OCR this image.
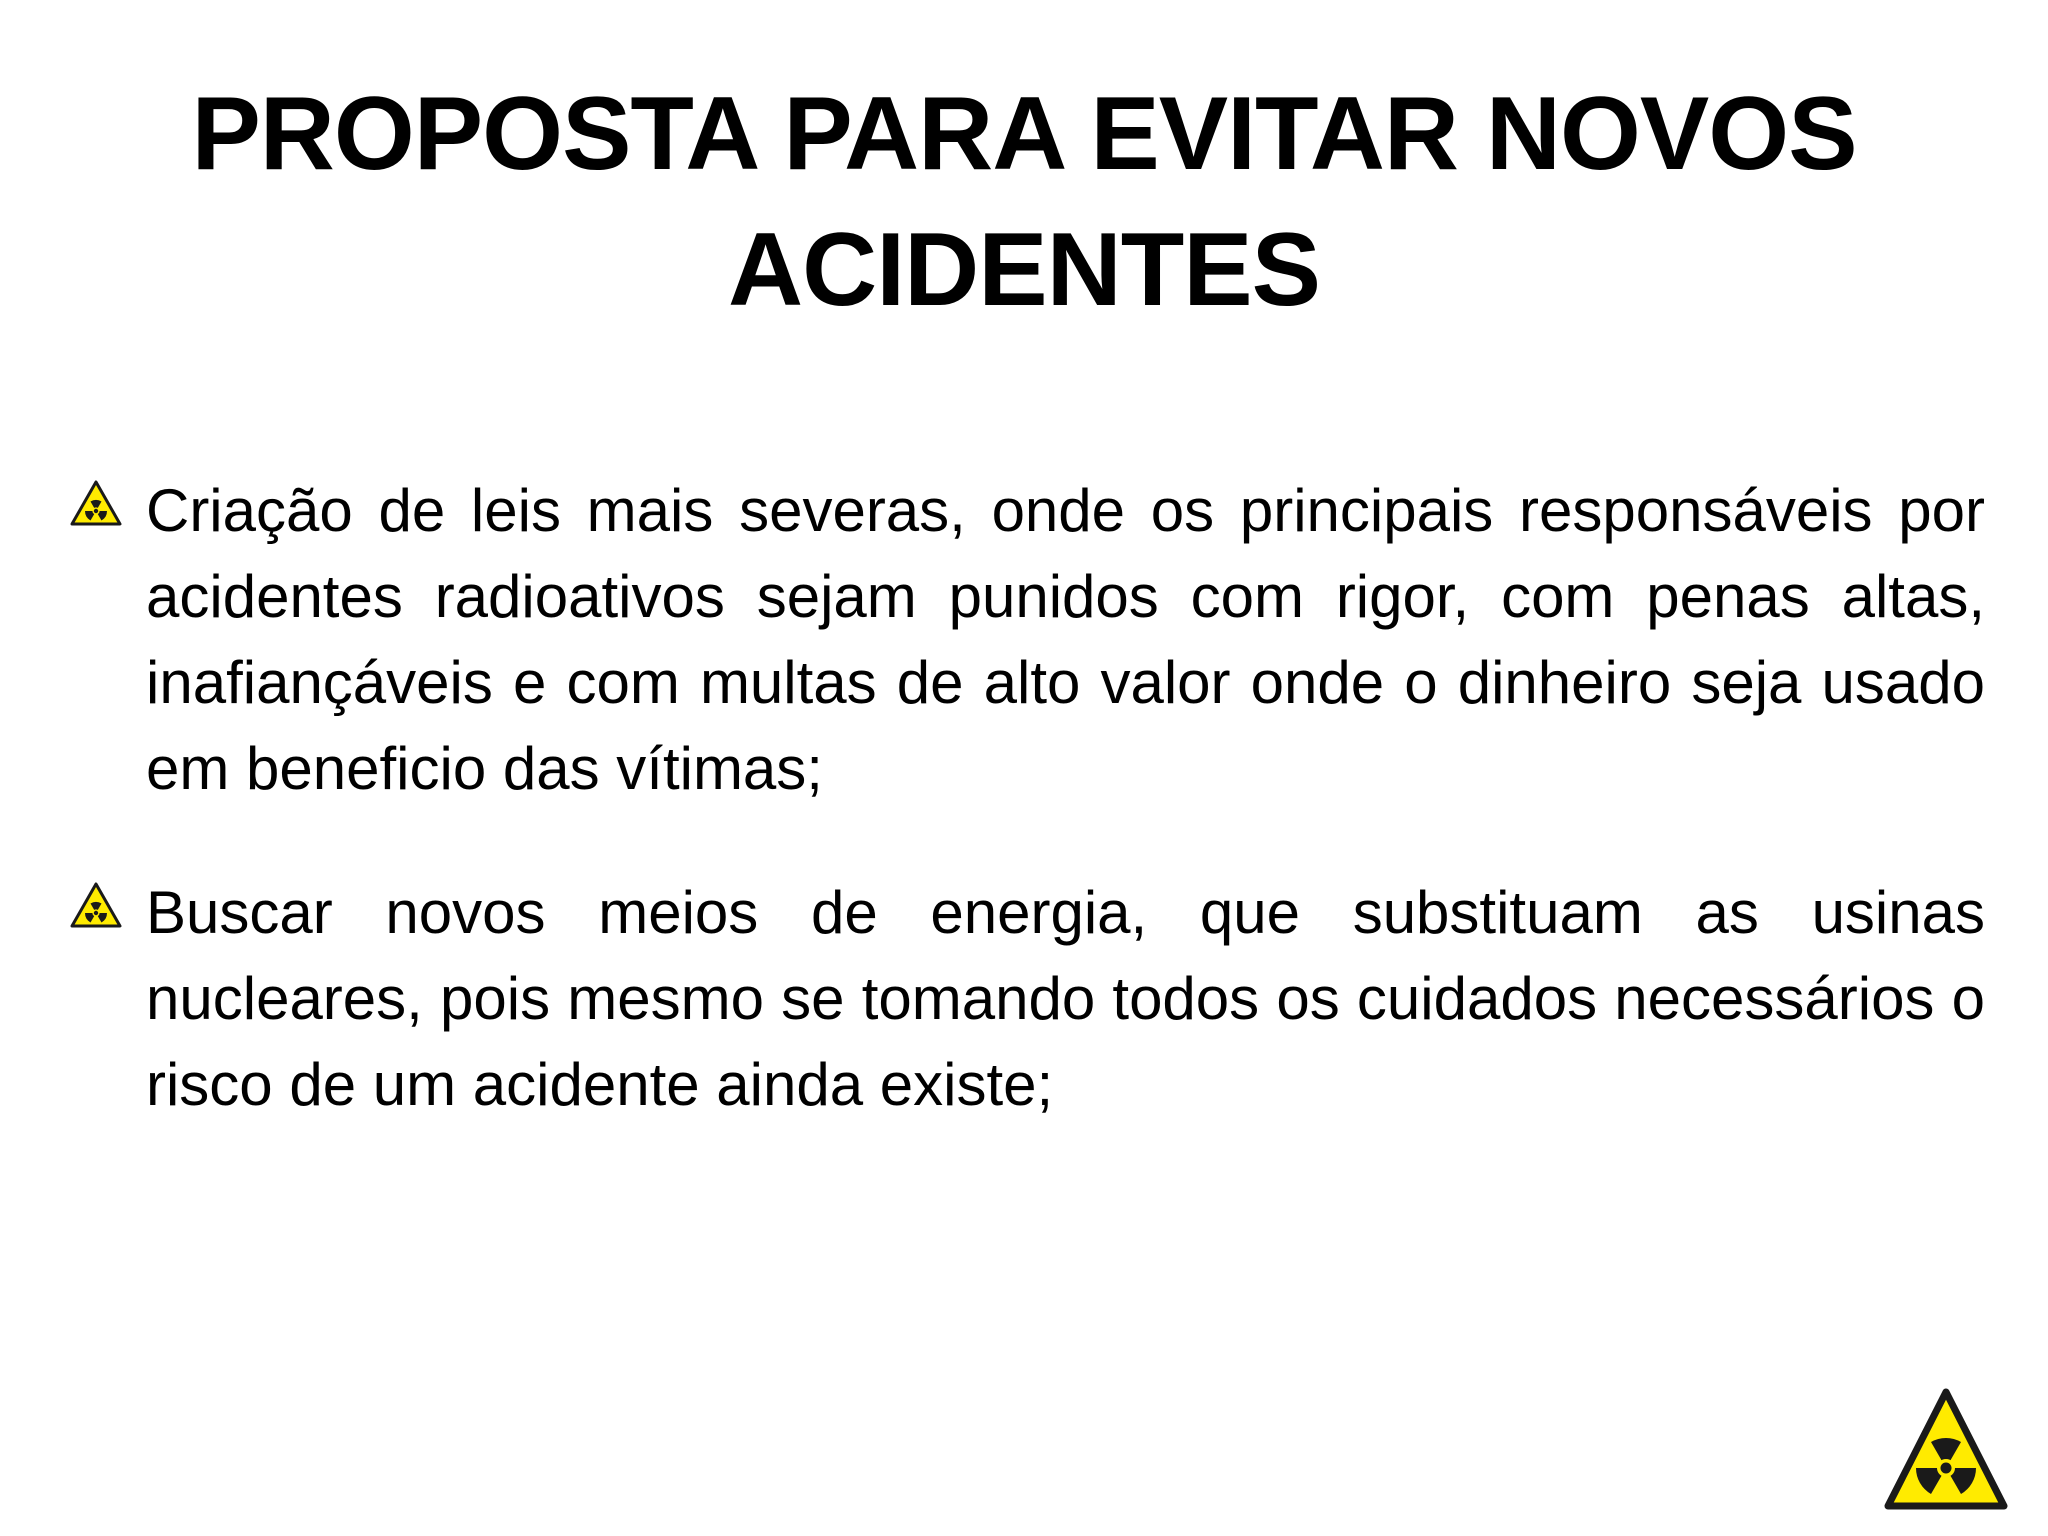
PROPOSTA PARA EVITAR NOVOS ACIDENTES

Criação de leis mais severas, onde os principais responsáveis por acidentes radioativos sejam punidos com rigor, com penas altas, inafiançáveis e com multas de alto valor onde o dinheiro seja usado em beneficio das vítimas;

Buscar novos meios de energia, que substituam as usinas nucleares, pois mesmo se tomando todos os cuidados necessários o risco de um acidente ainda existe;
